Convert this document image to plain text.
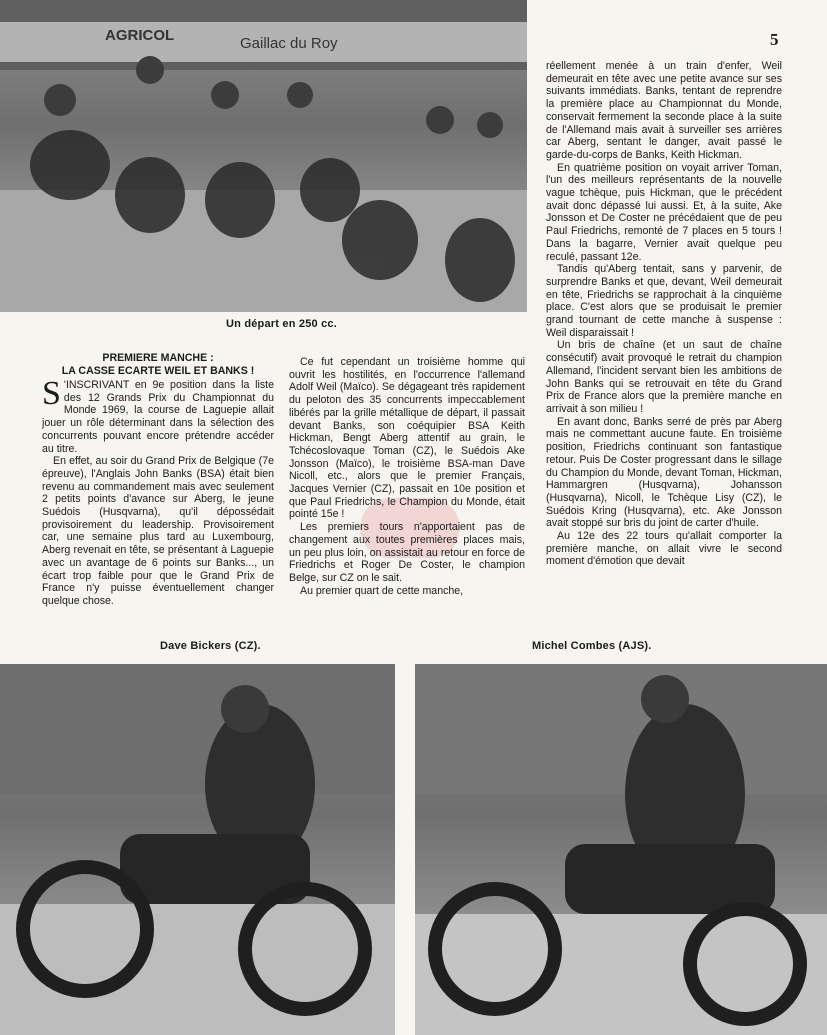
AGRICOL	Gaillac du Roy	5
Un départ en 250 cc.

PREMIERE MANCHE :
LA CASSE ECARTE WEIL ET BANKS !

S 'INSCRIVANT en 9e position dans la liste des 12 Grands Prix du Championnat du Monde 1969, la course de Laguepie allait jouer un rôle déterminant dans la sélection des concurrents pouvant encore prétendre accéder au titre.

En effet, au soir du Grand Prix de Belgique (7e épreuve), l'Anglais John Banks (BSA) était bien revenu au commandement mais avec seulement 2 petits points d'avance sur Aberg, le jeune Suédois (Husqvarna), qu'il dépossédait provisoirement du leadership. Provisoirement car, une semaine plus tard au Luxembourg, Aberg revenait en tête, se présentant à Laguepie avec un avantage de 6 points sur Banks..., un écart trop faible pour que le Grand Prix de France n'y puisse éventuellement changer quelque chose.

Ce fut cependant un troisième homme qui ouvrit les hostilités, en l'occurrence l'allemand Adolf Weil (Maïco). Se dégageant très rapidement du peloton des 35 concurrents impeccablement libérés par la grille métallique de départ, il passait devant Banks, son coéquipier BSA Keith Hickman, Bengt Aberg attentif au grain, le Tchécoslovaque Toman (CZ), le Suédois Ake Jonsson (Maïco), le troisième BSA-man Dave Nicoll, etc., alors que le premier Français, Jacques Vernier (CZ), passait en 10e position et que Paul Friedrichs, le Champion du Monde, était pointé 15e !

Les premiers tours n'apportaient pas de changement aux toutes premières places mais, un peu plus loin, on assistait au retour en force de Friedrichs et Roger De Coster, le champion Belge, sur CZ on le sait.

Au premier quart de cette manche,

réellement menée à un train d'enfer, Weil demeurait en tête avec une petite avance sur ses suivants immédiats. Banks, tentant de reprendre la première place au Championnat du Monde, conservait fermement la seconde place à la suite de l'Allemand mais avait à surveiller ses arrières car Aberg, sentant le danger, avait passé le garde-du-corps de Banks, Keith Hickman.

En quatrième position on voyait arriver Toman, l'un des meilleurs représentants de la nouvelle vague tchèque, puis Hickman, que le précédent avait donc dépassé lui aussi. Et, à la suite, Ake Jonsson et De Coster ne précédaient que de peu Paul Friedrichs, remonté de 7 places en 5 tours ! Dans la bagarre, Vernier avait quelque peu reculé, passant 12e.

Tandis qu'Aberg tentait, sans y parvenir, de surprendre Banks et que, devant, Weil demeurait en tête, Friedrichs se rapprochait à la cinquième place. C'est alors que se produisait le premier grand tournant de cette manche à suspense : Weil disparaissait !

Un bris de chaîne (et un saut de chaîne consécutif) avait provoqué le retrait du champion Allemand, l'incident servant bien les ambitions de John Banks qui se retrouvait en tête du Grand Prix de France alors que la première manche en arrivait à son milieu !

En avant donc, Banks serré de près par Aberg mais ne commettant aucune faute. En troisième position, Friedrichs continuant son fantastique retour. Puis De Coster progressant dans le sillage du Champion du Monde, devant Toman, Hickman, Hammargren (Husqvarna), Johansson (Husqvarna), Nicoll, le Tchèque Lisy (CZ), le Suédois Kring (Husqvarna), etc. Ake Jonsson avait stoppé sur bris du joint de carter d'huile.

Au 12e des 22 tours qu'allait comporter la première manche, on allait vivre le second moment d'émotion que devait

Dave Bickers (CZ).	Michel Combes (AJS).
